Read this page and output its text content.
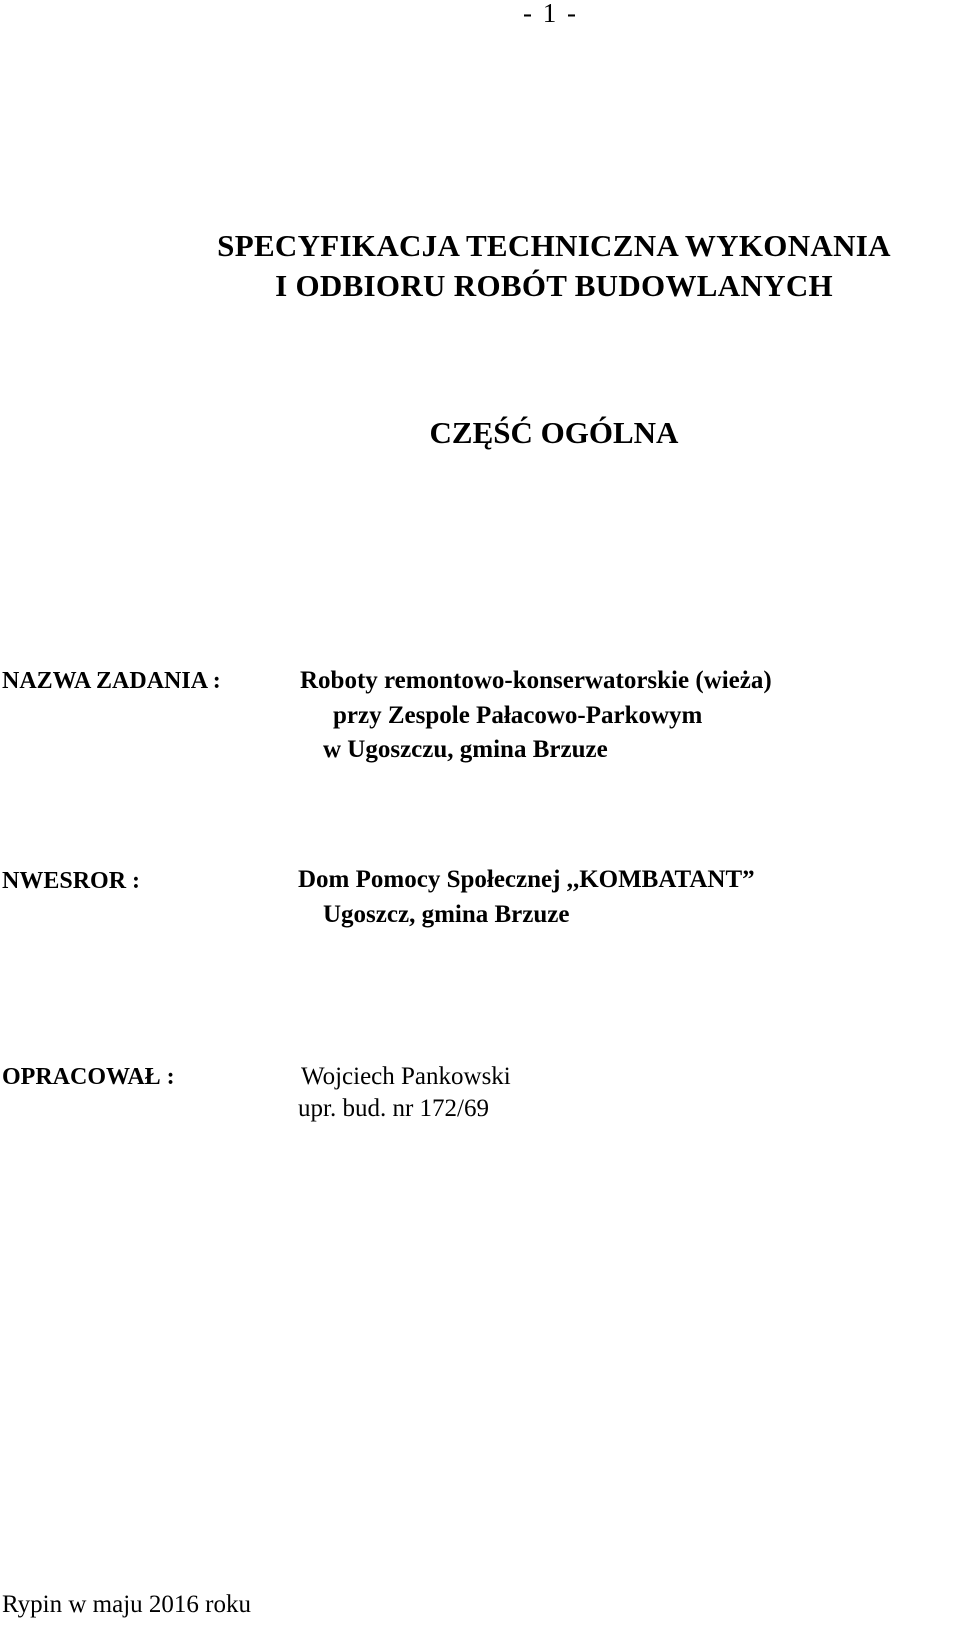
- 1 -
SPECYFIKACJA TECHNICZNA WYKONANIA
I ODBIORU ROBÓT BUDOWLANYCH
CZĘŚĆ OGÓLNA
NAZWA ZADANIA :	Roboty remontowo-konserwatorskie (wieża)
przy Zespole Pałacowo-Parkowym
w Ugoszczu, gmina Brzuze
NWESROR :	Dom Pomocy Społecznej ,,KOMBATANT”
Ugoszcz, gmina Brzuze
OPRACOWAŁ :	Wojciech Pankowski
upr. bud. nr 172/69
Rypin w maju 2016 roku
